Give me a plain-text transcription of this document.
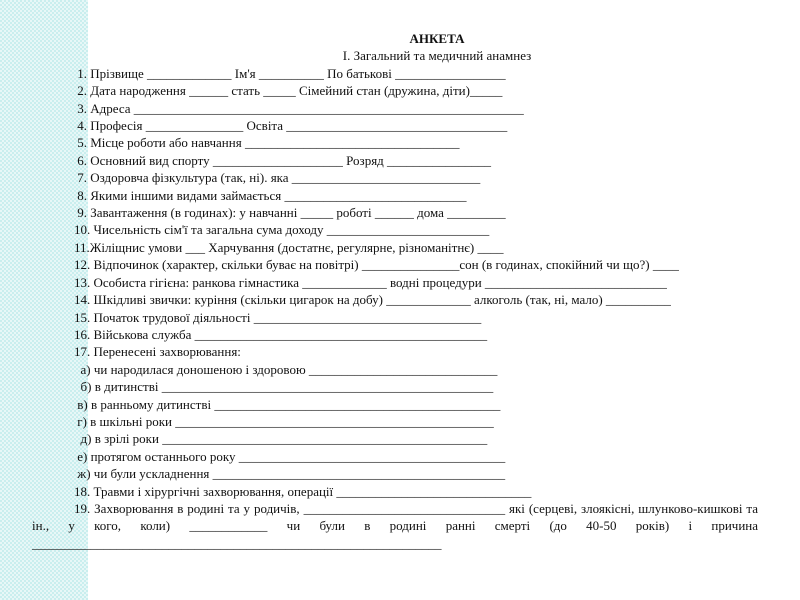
АНКЕТА
І. Загальний та медичний анамнез
1. Прізвище _____________ Ім'я __________ По батькові _________________
2. Дата народження ______ стать _____ Сімейний стан (дружина, діти)_____
3. Адреса ____________________________________________________________
4. Професія _______________ Освіта __________________________________
5. Місце роботи або навчання _________________________________
6. Основний вид спорту ____________________ Розряд ________________
7. Оздоровча фізкультура (так, ні). яка _____________________________
8. Якими іншими видами займається ____________________________
9. Завантаження (в годинах): у навчанні _____ роботі ______ дома _________
10. Чисельність сім'ї та загальна сума доходу _________________________
11.Жіліщнис умови ___ Харчування (достатнє, регулярне, різноманітнє) ____
12. Відпочинок (характер, скільки буває на повітрі) _______________сон (в годинах, спокійний чи що?) ____
13. Особиста гігієна: ранкова гімнастика _____________ водні процедури ____________________________
14. Шкідливі звички: куріння (скільки цигарок на добу) _____________ алкоголь (так, ні, мало) __________
15. Початок трудової діяльності ___________________________________
16. Військова служба _____________________________________________
17. Перенесені захворювання:
а) чи народилася доношеною і здоровою _____________________________
б) в дитинстві ___________________________________________________
в) в ранньому дитинстві ____________________________________________
г) в шкільні роки _________________________________________________
д) в зрілі роки __________________________________________________
е) протягом останнього року _________________________________________
ж) чи були ускладнення _____________________________________________
18. Травми і хірургічні захворювання, операції ______________________________
19. Захворювання в родині та у родичів, _______________________________ які (серцеві, злоякісні, шлунково-кишкові та ін., у кого, коли) ____________ чи були в родині ранні смерті (до 40-50 років) і причина
_______________________________________________________________
